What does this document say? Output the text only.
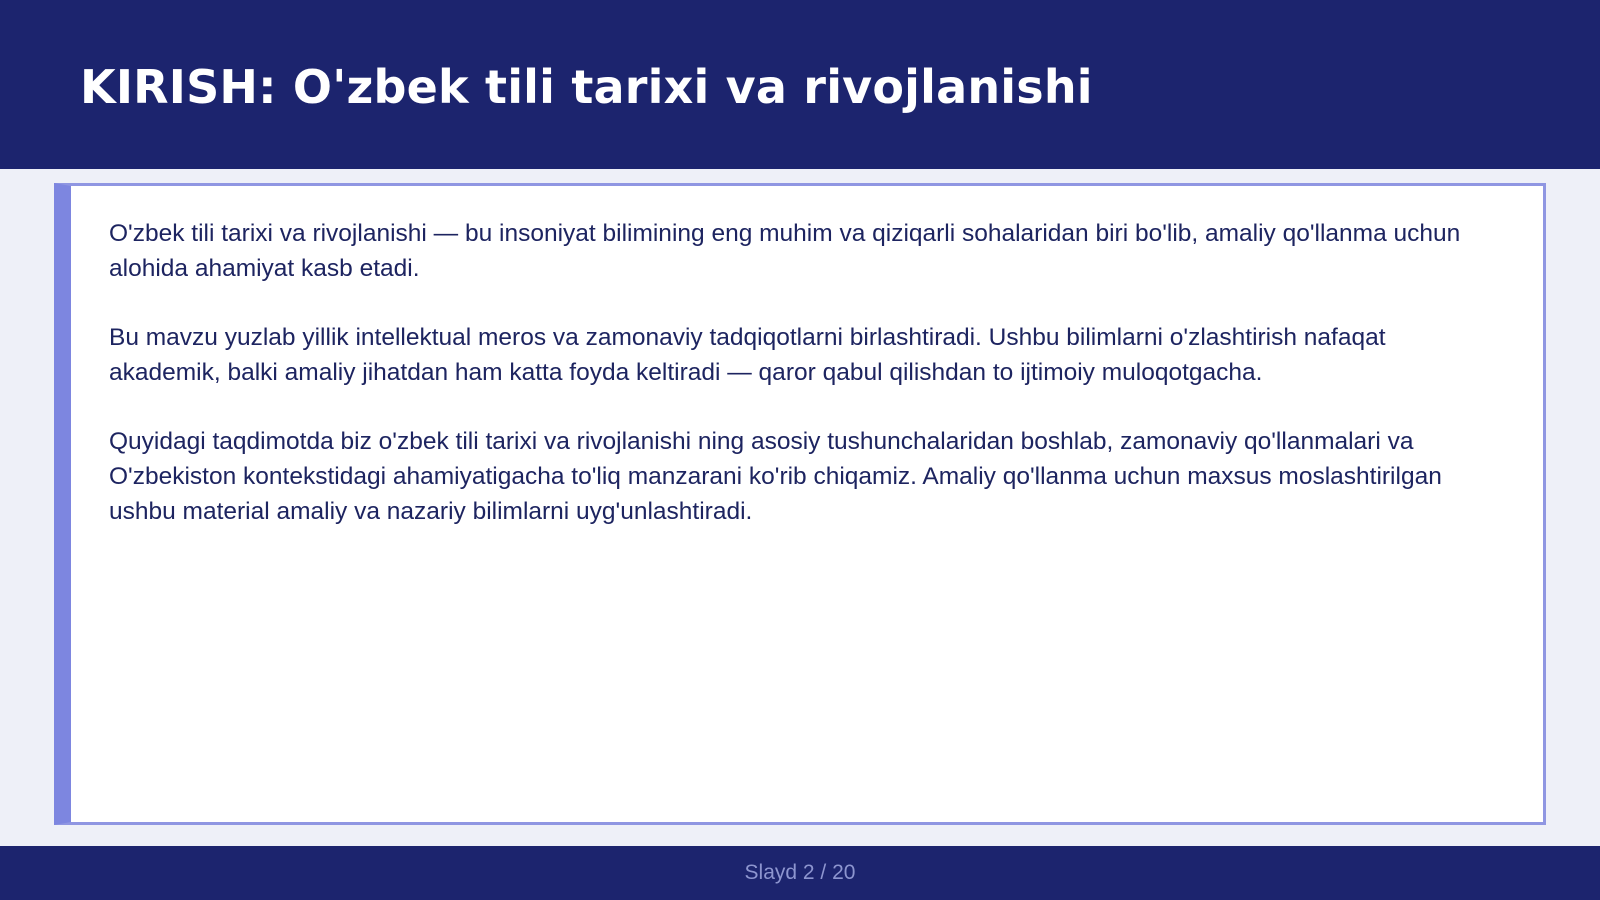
KIRISH: O'zbek tili tarixi va rivojlanishi

O'zbek tili tarixi va rivojlanishi — bu insoniyat bilimining eng muhim va qiziqarli sohalaridan biri bo'lib, amaliy qo'llanma uchun alohida ahamiyat kasb etadi.

Bu mavzu yuzlab yillik intellektual meros va zamonaviy tadqiqotlarni birlashtiradi. Ushbu bilimlarni o'zlashtirish nafaqat akademik, balki amaliy jihatdan ham katta foyda keltiradi — qaror qabul qilishdan to ijtimoiy muloqotgacha.

Quyidagi taqdimotda biz o'zbek tili tarixi va rivojlanishi ning asosiy tushunchalaridan boshlab, zamonaviy qo'llanmalari va O'zbekiston kontekstidagi ahamiyatigacha to'liq manzarani ko'rib chiqamiz. Amaliy qo'llanma uchun maxsus moslashtirilgan ushbu material amaliy va nazariy bilimlarni uyg'unlashtiradi.

Slayd 2 / 20
